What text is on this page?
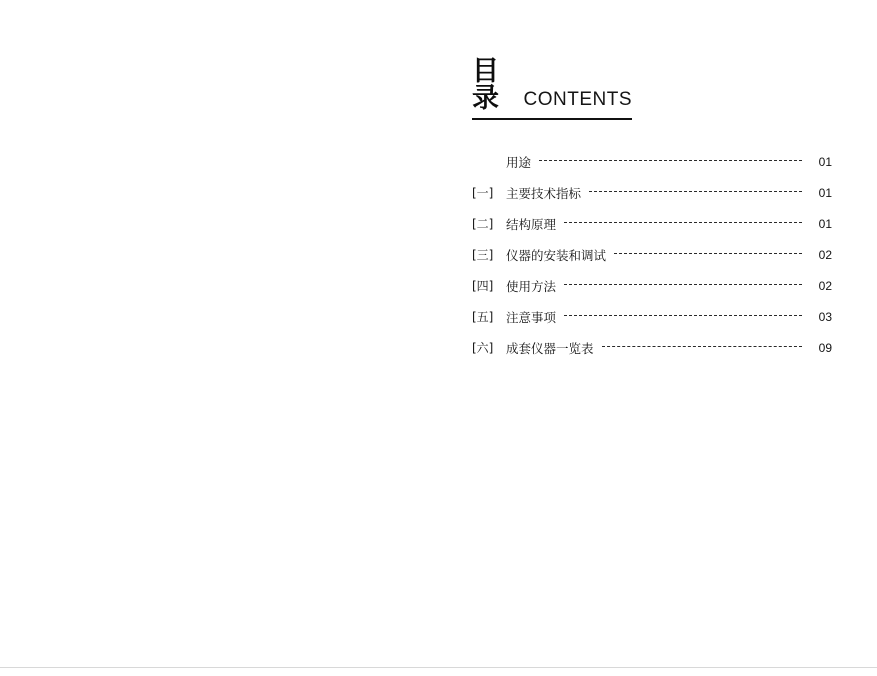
目 录 CONTENTS
用途	01
[一]	主要技术指标	01
[二]	结构原理	01
[三]	仪器的安装和调试	02
[四]	使用方法	02
[五]	注意事项	03
[六]	成套仪器一览表	09
